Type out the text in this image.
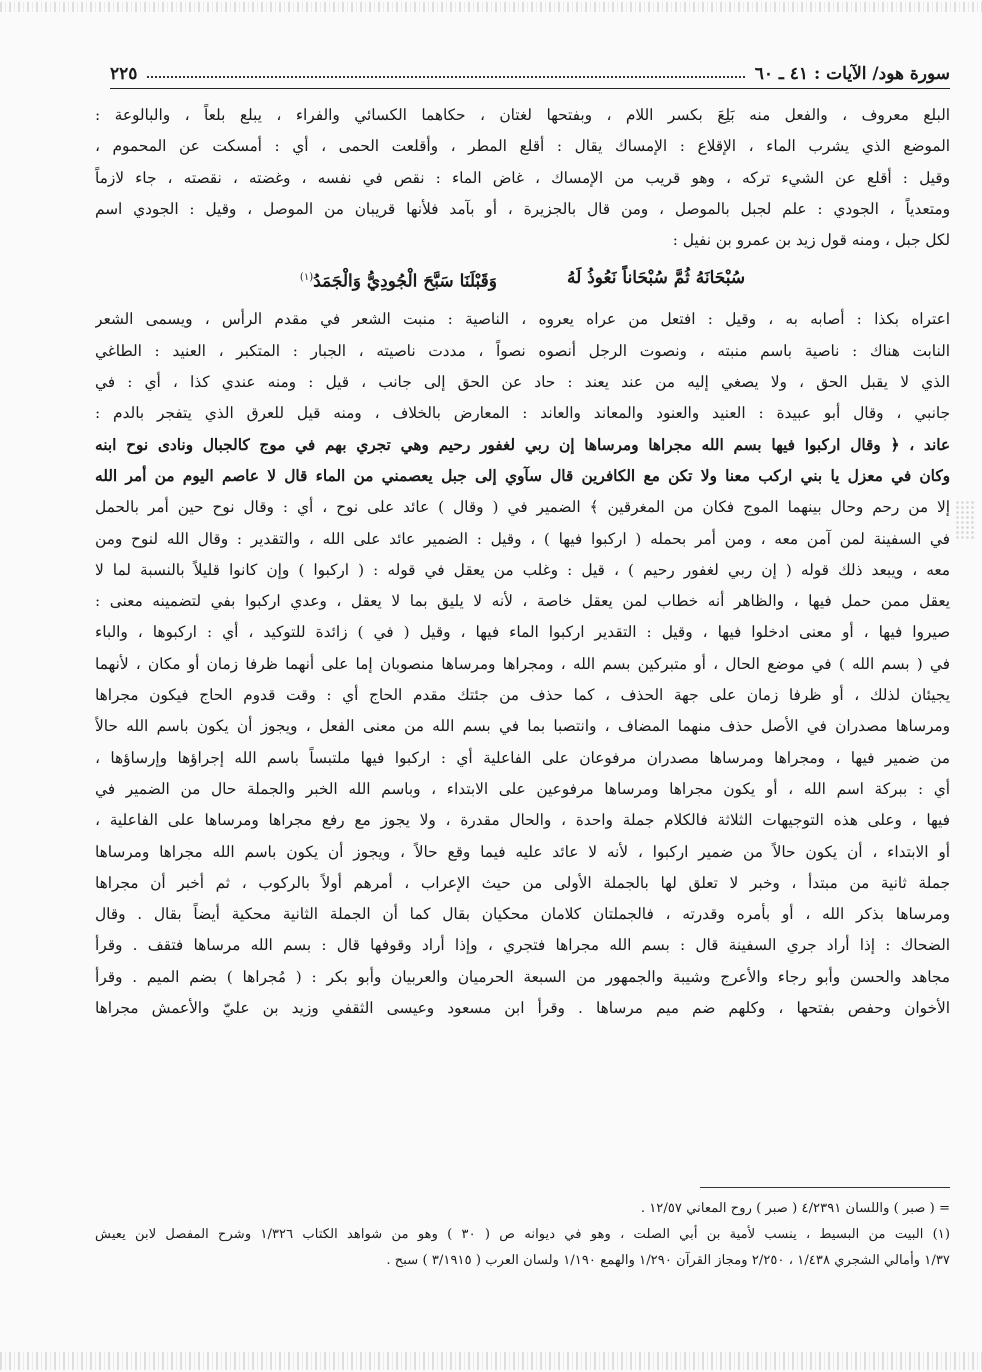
سورة هود/ الآيات : ٤١ ـ ٦٠
٢٢٥
البلع معروف ، والفعل منه بَلِعَ بكسر اللام ، وبفتحها لغتان ، حكاهما الكسائي والفراء ، يبلع بلعاً ، والبالوعة :
الموضع الذي يشرب الماء ، الإقلاع : الإمساك يقال : أقلع المطر ، وأقلعت الحمى ، أي : أمسكت عن المحموم ،
وقيل : أقلع عن الشيء تركه ، وهو قريب من الإمساك ، غاض الماء : نقص في نفسه ، وغضته ، نقصته ، جاء لازماً
ومتعدياً ، الجودي : علم لجبل بالموصل ، ومن قال بالجزيرة ، أو بآمد فلأنها قريبان من الموصل ، وقيل : الجودي اسم
لكل جبل ، ومنه قول زيد بن عمرو بن نفيل :
سُبْحَانَهُ ثُمَّ سُبْحَاناً نَعُوذُ لَهُ
وَقَبْلَنَا سَبَّحَ الْجُودِيُّ وَالْجَمَدُ$^{(١)}$
اعتراه بكذا : أصابه به ، وقيل : افتعل من عراه يعروه ، الناصية : منبت الشعر في مقدم الرأس ، ويسمى الشعر
النابت هناك : ناصية باسم منبته ، ونصوت الرجل أنصوه نصواً ، مددت ناصيته ، الجبار : المتكبر ، العنيد : الطاغي
الذي لا يقبل الحق ، ولا يصغي إليه من عند يعند : حاد عن الحق إلى جانب ، قيل : ومنه عندي كذا ، أي : في
جانبي ، وقال أبو عبيدة : العنيد والعنود والمعاند والعاند : المعارض بالخلاف ، ومنه قيل للعرق الذي يتفجر بالدم :
عاند ، ﴿ وقال اركبوا فيها بسم الله مجراها ومرساها إن ربي لغفور رحيم وهي تجري بهم في موج كالجبال ونادى نوح ابنه
وكان في معزل يا بني اركب معنا ولا تكن مع الكافرين قال سآوي إلى جبل يعصمني من الماء قال لا عاصم اليوم من أمر الله
إلا من رحم وحال بينهما الموج فكان من المغرقين ﴾ الضمير في ( وقال ) عائد على نوح ، أي : وقال نوح حين أمر بالحمل
في السفينة لمن آمن معه ، ومن أمر بحمله ( اركبوا فيها ) ، وقيل : الضمير عائد على الله ، والتقدير : وقال الله لنوح ومن
معه ، ويبعد ذلك قوله ( إن ربي لغفور رحيم ) ، قيل : وغلب من يعقل في قوله : ( اركبوا ) وإن كانوا قليلاً بالنسبة لما لا
يعقل ممن حمل فيها ، والظاهر أنه خطاب لمن يعقل خاصة ، لأنه لا يليق بما لا يعقل ، وعدي اركبوا بفي لتضمينه معنى :
صيروا فيها ، أو معنى ادخلوا فيها ، وقيل : التقدير اركبوا الماء فيها ، وقيل ( في ) زائدة للتوكيد ، أي : اركبوها ، والباء
في ( بسم الله ) في موضع الحال ، أو متبركين بسم الله ، ومجراها ومرساها منصوبان إما على أنهما ظرفا زمان أو مكان ، لأنهما
يجيئان لذلك ، أو ظرفا زمان على جهة الحذف ، كما حذف من جئتك مقدم الحاج أي : وقت قدوم الحاج فيكون مجراها
ومرساها مصدران في الأصل حذف منهما المضاف ، وانتصبا بما في بسم الله من معنى الفعل ، ويجوز أن يكون باسم الله حالاً
من ضمير فيها ، ومجراها ومرساها مصدران مرفوعان على الفاعلية أي : اركبوا فيها ملتبساً باسم الله إجراؤها وإرساؤها ،
أي : ببركة اسم الله ، أو يكون مجراها ومرساها مرفوعين على الابتداء ، وباسم الله الخبر والجملة حال من الضمير في
فيها ، وعلى هذه التوجيهات الثلاثة فالكلام جملة واحدة ، والحال مقدرة ، ولا يجوز مع رفع مجراها ومرساها على الفاعلية ،
أو الابتداء ، أن يكون حالاً من ضمير اركبوا ، لأنه لا عائد عليه فيما وقع حالاً ، ويجوز أن يكون باسم الله مجراها ومرساها
جملة ثانية من مبتدأ ، وخبر لا تعلق لها بالجملة الأولى من حيث الإعراب ، أمرهم أولاً بالركوب ، ثم أخبر أن مجراها
ومرساها بذكر الله ، أو بأمره وقدرته ، فالجملتان كلامان محكيان بقال كما أن الجملة الثانية محكية أيضاً بقال . وقال
الضحاك : إذا أراد جري السفينة قال : بسم الله مجراها فتجري ، وإذا أراد وقوفها قال : بسم الله مرساها فتقف . وقرأ
مجاهد والحسن وأبو رجاء والأعرج وشيبة والجمهور من السبعة الحرميان والعربيان وأبو بكر : ( مُجراها ) بضم الميم . وقرأ
الأخوان وحفص بفتحها ، وكلهم ضم ميم مرساها . وقرأ ابن مسعود وعيسى الثقفي وزيد بن عليّ والأعمش مجراها
= ( صبر ) واللسان ٤/٢٣٩١ ( صبر ) روح المعاني ١٢/٥٧ .
(١) البيت من البسيط ، ينسب لأمية بن أبي الصلت ، وهو في ديوانه ص ( ٣٠ ) وهو من شواهد الكتاب ١/٣٢٦ وشرح المفصل لابن يعيش
١/٣٧ وأمالي الشجري ١/٤٣٨ ، ٢/٢٥٠ ومجاز القرآن ١/٢٩٠ والهمع ١/١٩٠ ولسان العرب ( ٣/١٩١٥ ) سبح .
